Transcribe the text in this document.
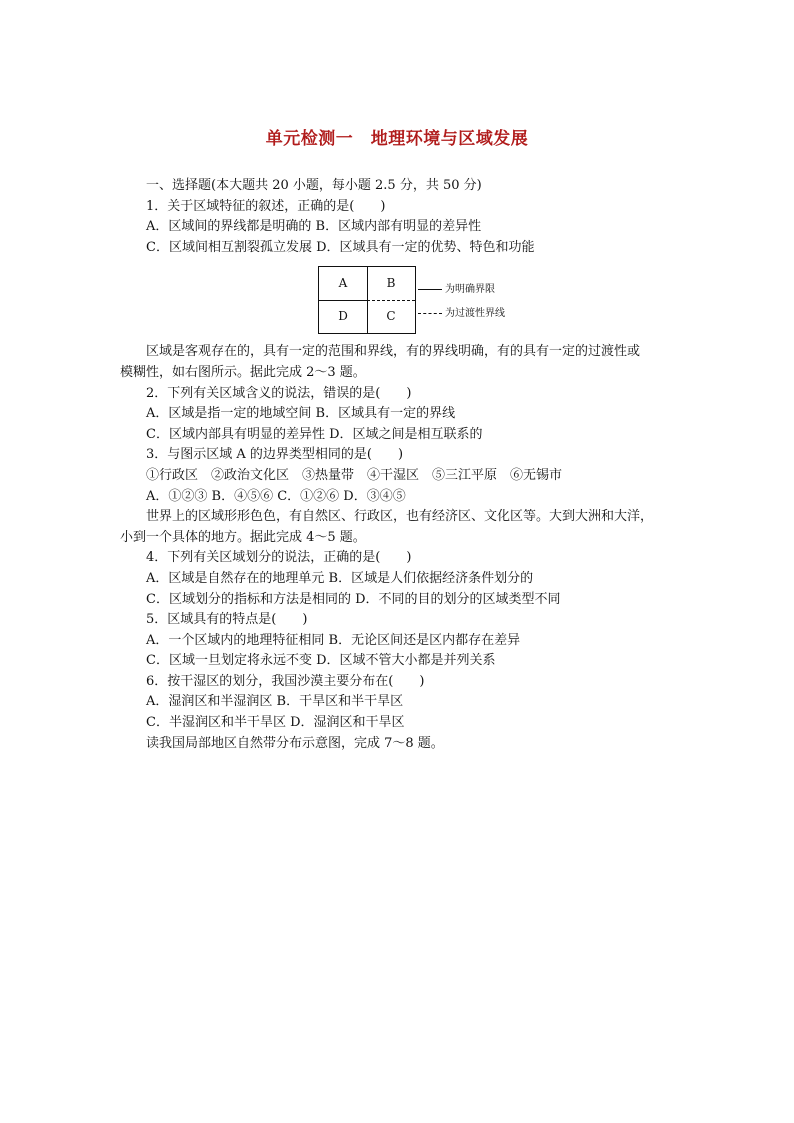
单元检测一　地理环境与区域发展

一、选择题(本大题共 20 小题，每小题 2.5 分，共 50 分)

1．关于区域特征的叙述，正确的是(　　)

A．区域间的界线都是明确的 B．区域内部有明显的差异性

C．区域间相互割裂孤立发展 D．区域具有一定的优势、特色和功能

A	B
D	C
为明确界限
为过渡性界线

区域是客观存在的，具有一定的范围和界线，有的界线明确，有的具有一定的过渡性或

模糊性，如右图所示。据此完成 2～3 题。

2．下列有关区域含义的说法，错误的是(　　)

A．区域是指一定的地域空间 B．区域具有一定的界线

C．区域内部具有明显的差异性 D．区域之间是相互联系的

3．与图示区域 A 的边界类型相同的是(　　)

①行政区　②政治文化区　③热量带　④干湿区　⑤三江平原　⑥无锡市

A．①②③ B．④⑤⑥ C．①②⑥ D．③④⑤

世界上的区域形形色色，有自然区、行政区，也有经济区、文化区等。大到大洲和大洋，

小到一个具体的地方。据此完成 4～5 题。

4．下列有关区域划分的说法，正确的是(　　)

A．区域是自然存在的地理单元 B．区域是人们依据经济条件划分的

C．区域划分的指标和方法是相同的 D．不同的目的划分的区域类型不同

5．区域具有的特点是(　　)

A．一个区域内的地理特征相同 B．无论区间还是区内都存在差异

C．区域一旦划定将永远不变 D．区域不管大小都是并列关系

6．按干湿区的划分，我国沙漠主要分布在(　　)

A．湿润区和半湿润区 B．干旱区和半干旱区

C．半湿润区和半干旱区 D．湿润区和干旱区

读我国局部地区自然带分布示意图，完成 7～8 题。
